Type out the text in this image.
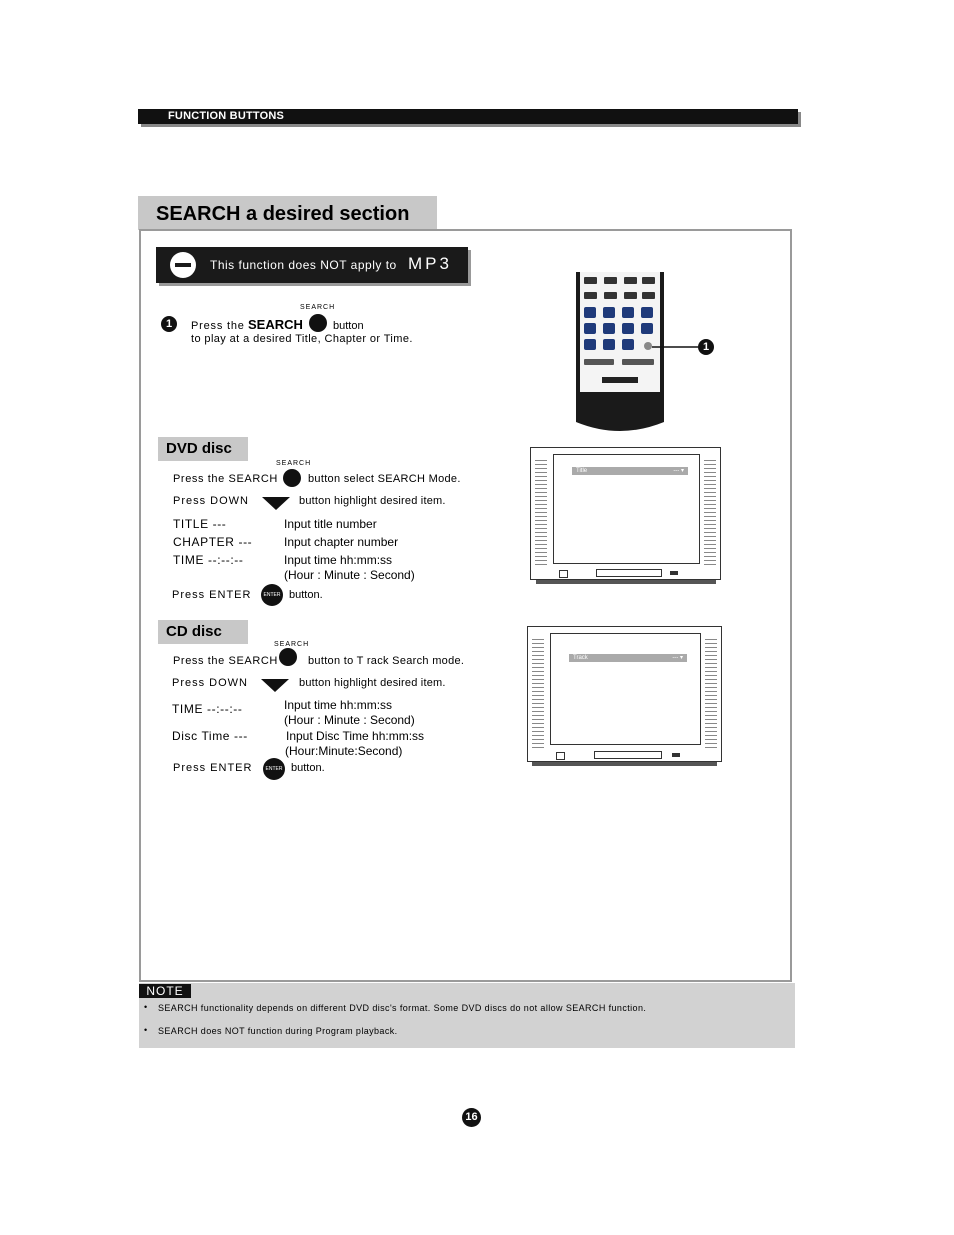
FUNCTION BUTTONS
SEARCH a desired section
This function does NOT apply to MP3
1
SEARCH
Press the SEARCH	button
to play at a desired Title, Chapter or Time.
1
DVD disc
SEARCH
Press the SEARCH	button select SEARCH Mode.
Press DOWN	button highlight desired item.
TITLE ---	Input title number
CHAPTER ---	Input chapter number
TIME --:--:--	Input time hh:mm:ss
(Hour : Minute : Second)
Press ENTER	ENTER button.
Title	--- ▾
CD disc
SEARCH
Press the SEARCH	button to T rack Search mode.
Press DOWN	button highlight desired item.
TIME --:--:--	Input time hh:mm:ss
(Hour : Minute : Second)
Disc Time ---	Input Disc Time hh:mm:ss
(Hour:Minute:Second)
Press ENTER	ENTER button.
Track	--- ▾
NOTE
• SEARCH functionality depends on different DVD disc's format. Some DVD discs do not allow SEARCH function.
• SEARCH does NOT function during Program playback.
16
